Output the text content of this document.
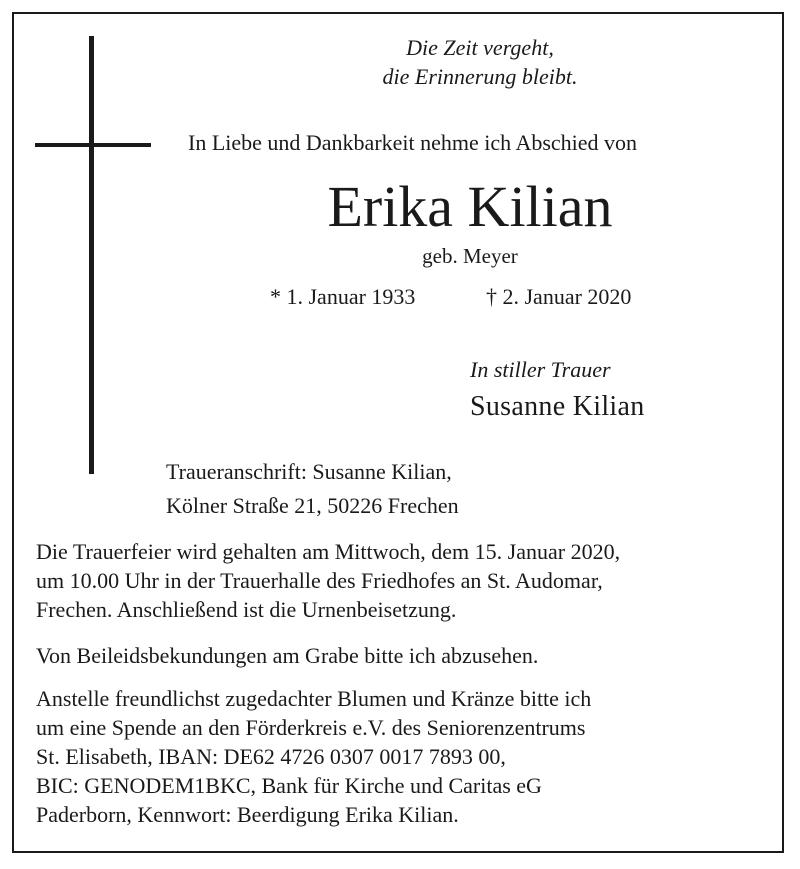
Die Zeit vergeht,
die Erinnerung bleibt.
In Liebe und Dankbarkeit nehme ich Abschied von
Erika Kilian
geb. Meyer
* 1. Januar 1933	† 2. Januar 2020
In stiller Trauer
Susanne Kilian
Traueranschrift: Susanne Kilian,
Kölner Straße 21, 50226 Frechen
Die Trauerfeier wird gehalten am Mittwoch, dem 15. Januar 2020,
um 10.00 Uhr in der Trauerhalle des Friedhofes an St. Audomar,
Frechen. Anschließend ist die Urnenbeisetzung.
Von Beileidsbekundungen am Grabe bitte ich abzusehen.
Anstelle freundlichst zugedachter Blumen und Kränze bitte ich
um eine Spende an den Förderkreis e.V. des Seniorenzentrums
St. Elisabeth, IBAN: DE62 4726 0307 0017 7893 00,
BIC: GENODEM1BKC, Bank für Kirche und Caritas eG
Paderborn, Kennwort: Beerdigung Erika Kilian.
